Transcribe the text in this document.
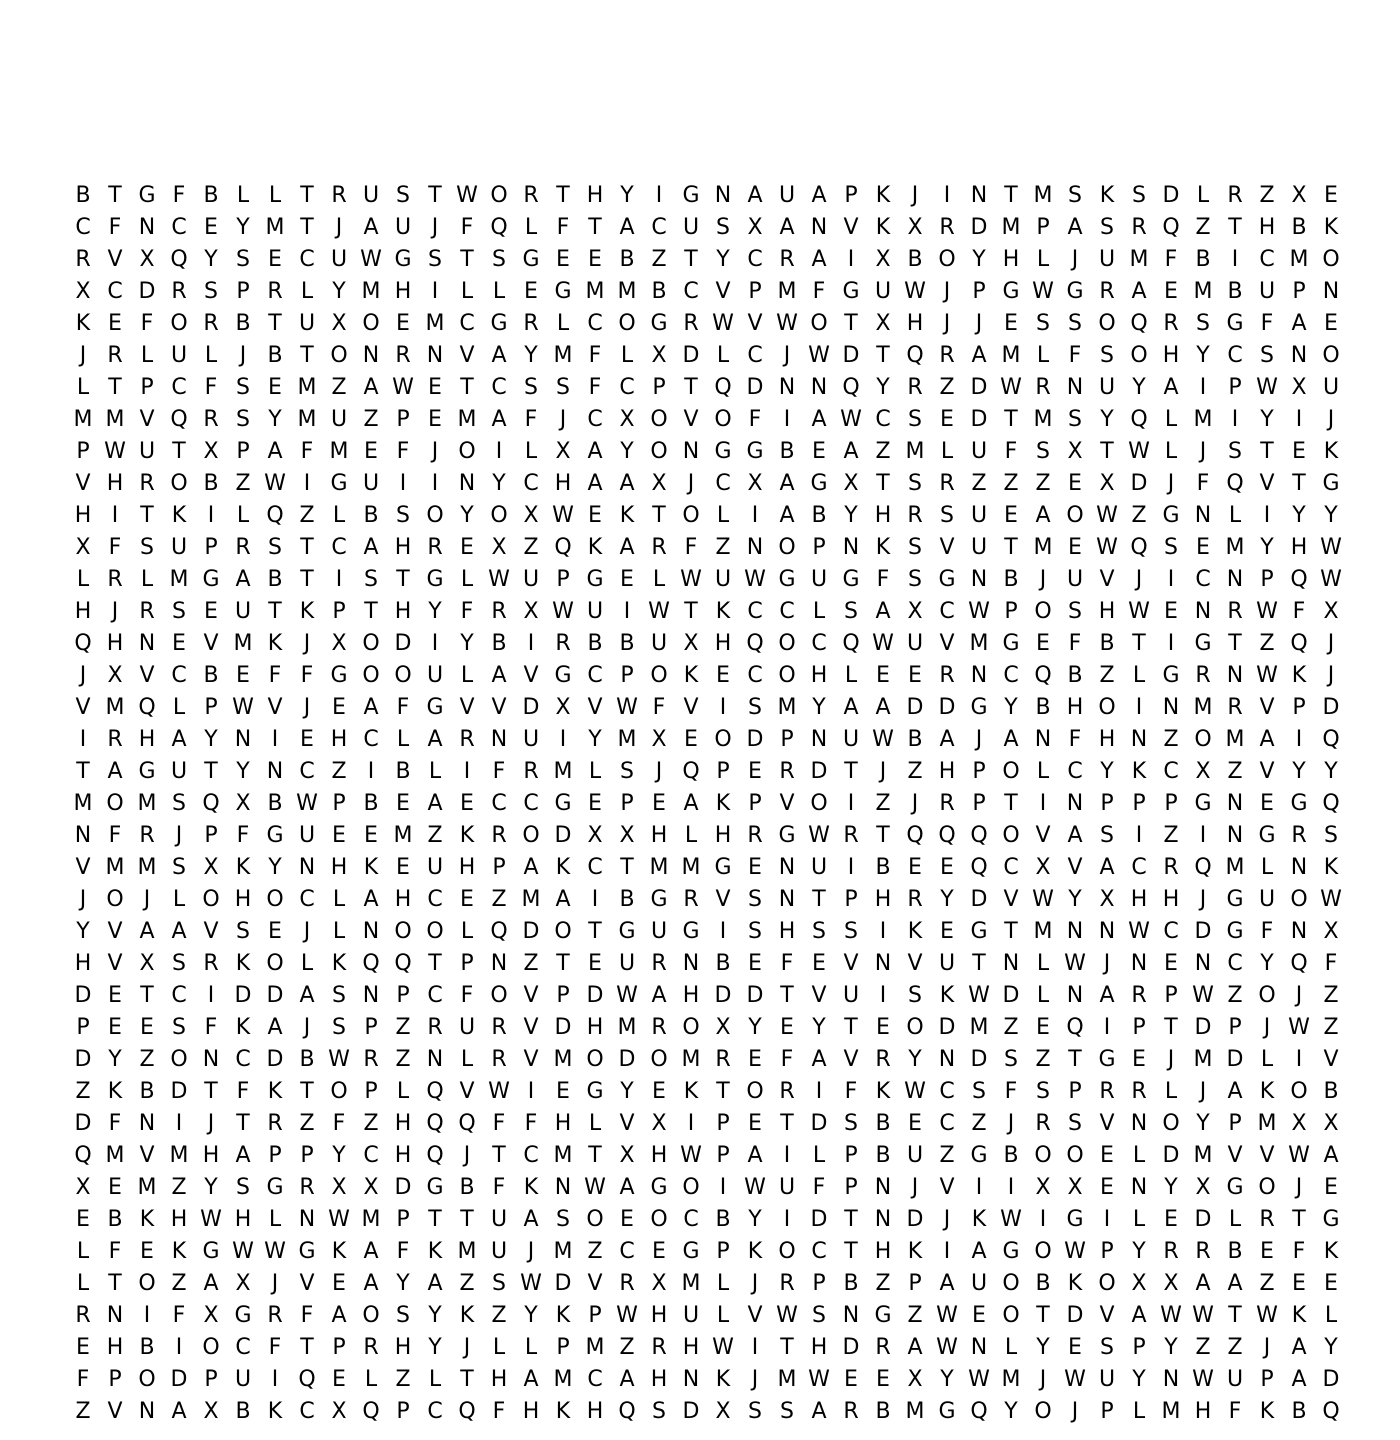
B T G F B L L T R U S T W O R T H Y	I G N A U A P K J	I N T M S K S D L R Z X E
C F N C E Y M T	J A U J	F Q L F T A C U S X A N V K X R D M P A S R Q Z T H B K
R V X Q Y S E C U W G S T S G E E B Z T Y C R A I X B O Y H L	J U M F B I C M O
X C D R S P R L Y M H I	L L E G M M B C V P M F G U W J	P G W G R A E M B U P N
K E F O R B T U X O E M C G R L C O G R W V W O T X H J	J E S S O Q R S G F A E
J R L U L	J B T O N R N V A Y M F L X D L C J W D T Q R A M L F S O H Y C S N O
L T P C F S E M Z A W E T C S S F C P T Q D N N Q Y R Z D W R N U Y A I	P W X U
M M V Q R S Y M U Z P E M A F	J C X O V O F	I A W C S E D T M S Y Q L M I	Y	I	J
P W U T X P A F M E F	J O I	L X A Y O N G G B E A Z M L U F S X T W L	J S T E K
V H R O B Z W I G U I	I N Y C H A A X J C X A G X T S R Z Z Z E X D J	F Q V T G
H I	T K I	L Q Z L B S O Y O X W E K T O L	I A B Y H R S U E A O W Z G N L	I	Y Y
X F S U P R S T C A H R E X Z Q K A R F Z N O P N K S V U T M E W Q S E M Y H W
L R L M G A B T	I S T G L W U P G E L W U W G U G F S G N B J U V J	I C N P Q W
H J R S E U T K P T H Y F R X W U I W T K C C L S A X C W P O S H W E N R W F X
Q H N E V M K J X O D I	Y B I R B B U X H Q O C Q W U V M G E F B T	I G T Z Q J
J X V C B E F F G O O U L A V G C P O K E C O H L E E R N C Q B Z L G R N W K J
V M Q L P W V J E A F G V V D X V W F V I S M Y A A D D G Y B H O I N M R V P D
I R H A Y N I E H C L A R N U I	Y M X E O D P N U W B A J A N F H N Z O M A I Q
T A G U T Y N C Z I B L	I	F R M L S J Q P E R D T	J Z H P O L C Y K C X Z V Y Y
M O M S Q X B W P B E A E C C G E P E A K P V O I Z J R P T	I N P P P G N E G Q
N F R J	P F G U E E M Z K R O D X X H L H R G W R T Q Q Q O V A S I Z I N G R S
V M M S X K Y N H K E U H P A K C T M M G E N U I B E E Q C X V A C R Q M L N K
J O J	L O H O C L A H C E Z M A I B G R V S N T P H R Y D V W Y X H H J G U O W
Y V A A V S E J	L N O O L Q D O T G U G I S H S S I K E G T M N N W C D G F N X
H V X S R K O L K Q Q T P N Z T E U R N B E F E V N V U T N L W J N E N C Y Q F
D E T C I D D A S N P C F O V P D W A H D D T V U I S K W D L N A R P W Z O J Z
P E E S F K A J S P Z R U R V D H M R O X Y E Y T E O D M Z E Q I	P T D P	J W Z
D Y Z O N C D B W R Z N L R V M O D O M R E F A V R Y N D S Z T G E J M D L	I V
Z K B D T F K T O P L Q V W I E G Y E K T O R I	F K W C S F S P R R L	J A K O B
D F N I	J	T R Z F Z H Q Q F F H L V X I	P E T D S B E C Z J R S V N O Y P M X X
Q M V M H A P P Y C H Q J	T C M T X H W P A I	L P B U Z G B O O E L D M V V W A
X E M Z Y S G R X X D G B F K N W A G O I W U F P N J V I	I X X E N Y X G O J E
E B K H W H L N W M P T T U A S O E O C B Y	I D T N D J K W I G I	L E D L R T G
L F E K G W W G K A F K M U J M Z C E G P K O C T H K I A G O W P Y R R B E F K
L T O Z A X J V E A Y A Z S W D V R X M L	J R P B Z P A U O B K O X X A A Z E E
R N I	F X G R F A O S Y K Z Y K P W H U L V W S N G Z W E O T D V A W W T W K L
E H B I O C F T P R H Y	J	L L P M Z R H W I	T H D R A W N L Y E S P Y Z Z J A Y
F P O D P U I Q E L Z L T H A M C A H N K J M W E E X Y W M J W U Y N W U P A D
Z V N A X B K C X Q P C Q F H K H Q S D X S S A R B M G Q Y O J	P L M H F K B Q
